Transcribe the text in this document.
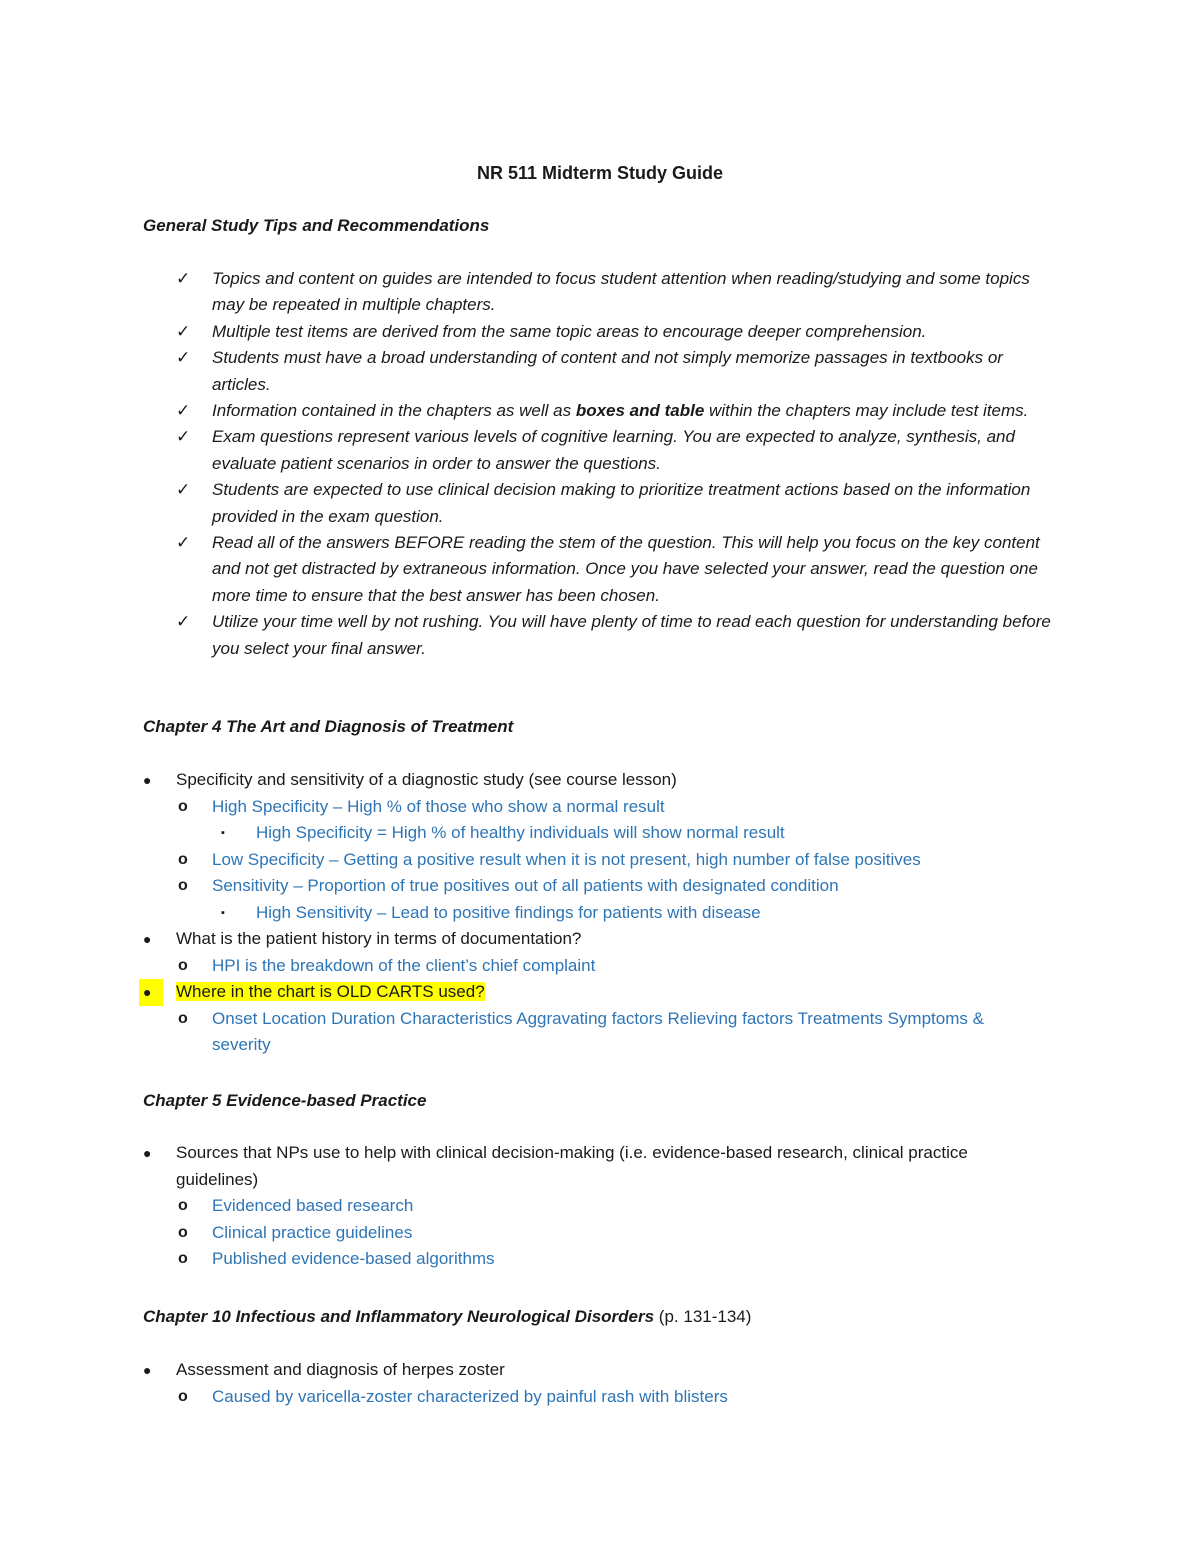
NR 511 Midterm Study Guide
General Study Tips and Recommendations
✓ Topics and content on guides are intended to focus student attention when reading/studying and some topics may be repeated in multiple chapters.
✓ Multiple test items are derived from the same topic areas to encourage deeper comprehension.
✓ Students must have a broad understanding of content and not simply memorize passages in textbooks or articles.
✓ Information contained in the chapters as well as boxes and table within the chapters may include test items.
✓ Exam questions represent various levels of cognitive learning. You are expected to analyze, synthesis, and evaluate patient scenarios in order to answer the questions.
✓ Students are expected to use clinical decision making to prioritize treatment actions based on the information provided in the exam question.
✓ Read all of the answers BEFORE reading the stem of the question. This will help you focus on the key content and not get distracted by extraneous information. Once you have selected your answer, read the question one more time to ensure that the best answer has been chosen.
✓ Utilize your time well by not rushing. You will have plenty of time to read each question for understanding before you select your final answer.
Chapter 4 The Art and Diagnosis of Treatment
● Specificity and sensitivity of a diagnostic study (see course lesson)
o High Specificity – High % of those who show a normal result
▪ High Specificity = High % of healthy individuals will show normal result
o Low Specificity – Getting a positive result when it is not present, high number of false positives
o Sensitivity – Proportion of true positives out of all patients with designated condition
▪ High Sensitivity – Lead to positive findings for patients with disease
● What is the patient history in terms of documentation?
o HPI is the breakdown of the client’s chief complaint
●	Where in the chart is OLD CARTS used?
o Onset Location Duration Characteristics Aggravating factors Relieving factors Treatments Symptoms & severity
Chapter 5 Evidence-based Practice
● Sources that NPs use to help with clinical decision-making (i.e. evidence-based research, clinical practice guidelines)
o Evidenced based research
o Clinical practice guidelines
o Published evidence-based algorithms
Chapter 10 Infectious and Inflammatory Neurological Disorders (p. 131-134)
● Assessment and diagnosis of herpes zoster
o Caused by varicella-zoster characterized by painful rash with blisters
